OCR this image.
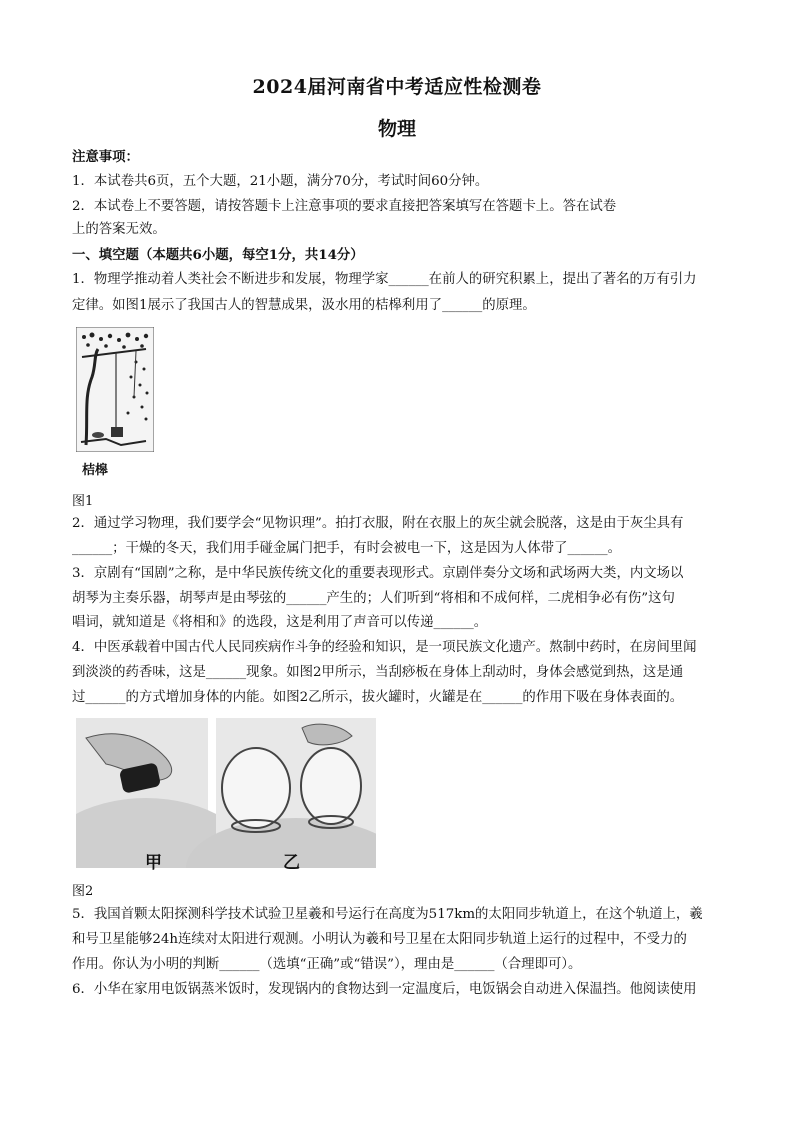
2024届河南省中考适应性检测卷
物理
注意事项：
1．本试卷共6页，五个大题，21小题，满分70分，考试时间60分钟。
2．本试卷上不要答题，请按答题卡上注意事项的要求直接把答案填写在答题卡上。答在试卷
上的答案无效。
一、填空题（本题共6小题，每空1分，共14分）
1．物理学推动着人类社会不断进步和发展，物理学家______在前人的研究积累上，提出了著名的万有引力
定律。如图1展示了我国古人的智慧成果，汲水用的桔槔利用了______的原理。
桔槔
图1
2．通过学习物理，我们要学会“见物识理”。拍打衣服，附在衣服上的灰尘就会脱落，这是由于灰尘具有
______；干燥的冬天，我们用手碰金属门把手，有时会被电一下，这是因为人体带了______。
3．京剧有“国剧”之称，是中华民族传统文化的重要表现形式。京剧伴奏分文场和武场两大类，内文场以
胡琴为主奏乐器，胡琴声是由琴弦的______产生的；人们听到“将相和不成何样，二虎相争必有伤”这句
唱词，就知道是《将相和》的选段，这是利用了声音可以传递______。
4．中医承载着中国古代人民同疾病作斗争的经验和知识，是一项民族文化遗产。熬制中药时，在房间里闻
到淡淡的药香味，这是______现象。如图2甲所示，当刮痧板在身体上刮动时，身体会感觉到热，这是通
过______的方式增加身体的内能。如图2乙所示，拔火罐时，火罐是在______的作用下吸在身体表面的。
甲	乙
图2
5．我国首颗太阳探测科学技术试验卫星羲和号运行在高度为517km的太阳同步轨道上，在这个轨道上，羲
和号卫星能够24h连续对太阳进行观测。小明认为羲和号卫星在太阳同步轨道上运行的过程中，不受力的
作用。你认为小明的判断______（选填“正确”或“错误”），理由是______（合理即可）。
6．小华在家用电饭锅蒸米饭时，发现锅内的食物达到一定温度后，电饭锅会自动进入保温挡。他阅读使用
